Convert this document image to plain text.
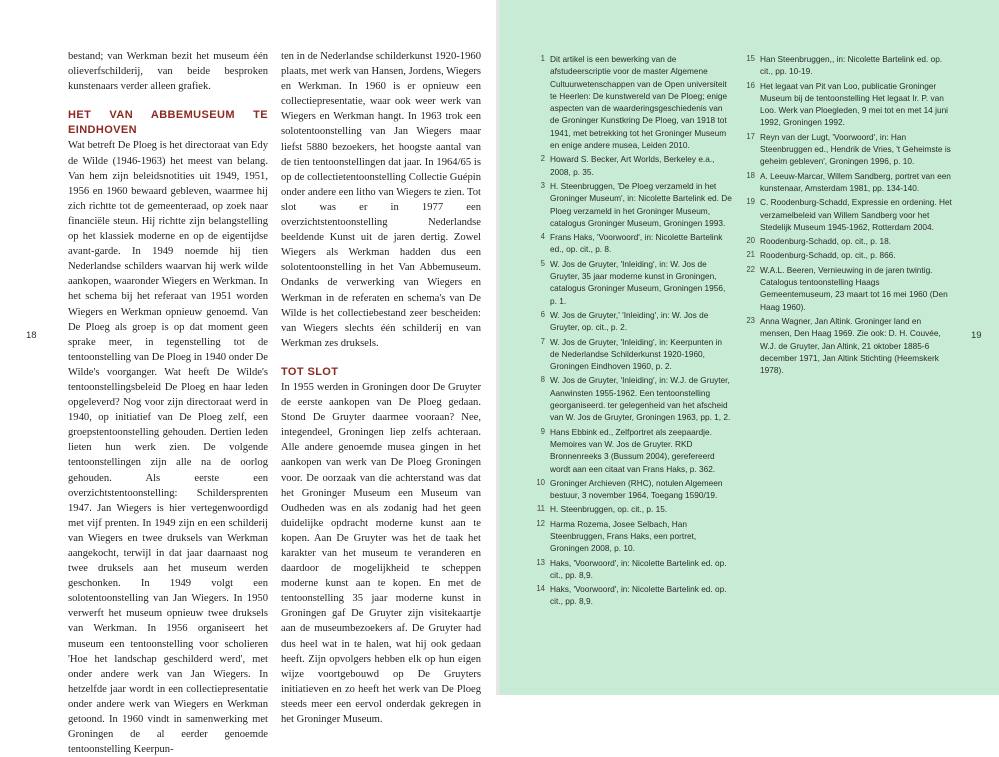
bestand; van Werkman bezit het museum één olieverfschilderij, van beide besproken kunstenaars verder alleen grafiek.

HET VAN ABBEMUSEUM TE EINDHOVEN

Wat betreft De Ploeg is het directoraat van Edy de Wilde (1946-1963) het meest van belang. Van hem zijn beleidsnotities uit 1949, 1951, 1956 en 1960 bewaard gebleven, waarmee hij zich richtte tot de gemeenteraad, op zoek naar financiële steun. Hij richtte zijn belangstelling op het klassiek moderne en op de eigentijdse avant-garde. In 1949 noemde hij tien Nederlandse schilders waarvan hij werk wilde aankopen, waaronder Wiegers en Werkman. In het schema bij het referaat van 1951 worden Wiegers en Werkman opnieuw genoemd. Van De Ploeg als groep is op dat moment geen sprake meer, in tegenstelling tot de tentoonstelling van De Ploeg in 1940 onder De Wilde's voorganger. Wat heeft De Wilde's tentoonstellingsbeleid De Ploeg en haar leden opgeleverd? Nog voor zijn directoraat werd in 1940, op initiatief van De Ploeg zelf, een groepstentoonstelling gehouden. Dertien leden lieten hun werk zien. De volgende tentoonstellingen zijn alle na de oorlog gehouden. Als eerste een overzichtstentoonstelling: Schildersprenten 1947. Jan Wiegers is hier vertegenwoordigd met vijf prenten. In 1949 zijn en een schilderij van Wiegers en twee druksels van Werkman aangekocht, terwijl in dat jaar daarnaast nog twee druksels aan het museum werden geschonken. In 1949 volgt een solotentoonstelling van Jan Wiegers. In 1950 verwerft het museum opnieuw twee druksels van Werkman. In 1956 organiseert het museum een tentoonstelling voor scholieren 'Hoe het landschap geschilderd werd', met onder andere werk van Jan Wiegers. In hetzelfde jaar wordt in een collectiepresentatie onder andere werk van Wiegers en Werkman getoond. In 1960 vindt in samenwerking met Groningen de al eerder genoemde tentoonstelling Keerpun-

ten in de Nederlandse schilderkunst 1920-1960 plaats, met werk van Hansen, Jordens, Wiegers en Werkman. In 1960 is er opnieuw een collectiepresentatie, waar ook weer werk van Wiegers en Werkman hangt. In 1963 trok een solotentoonstelling van Jan Wiegers maar liefst 5880 bezoekers, het hoogste aantal van de tien tentoonstellingen dat jaar. In 1964/65 is op de collectietentoonstelling Collectie Guépin onder andere een litho van Wiegers te zien. Tot slot was er in 1977 een overzichtstentoonstelling Nederlandse beeldende Kunst uit de jaren dertig. Zowel Wiegers als Werkman hadden dus een solotentoonstelling in het Van Abbemuseum. Ondanks de verwerking van Wiegers en Werkman in de referaten en schema's van De Wilde is het collectiebestand zeer bescheiden: van Wiegers slechts één schilderij en van Werkman zes druksels.

TOT SLOT

In 1955 werden in Groningen door De Gruyter de eerste aankopen van De Ploeg gedaan. Stond De Gruyter daarmee vooraan? Nee, integendeel, Groningen liep zelfs achteraan. Alle andere genoemde musea gingen in het aankopen van werk van De Ploeg Groningen voor. De oorzaak van die achterstand was dat het Groninger Museum een Museum van Oudheden was en als zodanig had het geen duidelijke opdracht moderne kunst aan te kopen. Aan De Gruyter was het de taak het karakter van het museum te veranderen en daardoor de mogelijkheid te scheppen moderne kunst aan te kopen. En met de tentoonstelling 35 jaar moderne kunst in Groningen gaf De Gruyter zijn visitekaartje aan de museumbezoekers af. De Gruyter had dus heel wat in te halen, wat hij ook gedaan heeft. Zijn opvolgers hebben elk op hun eigen wijze voortgebouwd op De Gruyters initiatieven en zo heeft het werk van De Ploeg steeds meer een eervol onderdak gekregen in het Groninger Museum.

18
1 Dit artikel is een bewerking van de afstudeerscriptie voor de master Algemene Cultuurwetenschappen van de Open universiteit te Heerlen: De kunstwereld van De Ploeg; enige aspecten van de waarderingsgeschiedenis van de Groninger Kunstkring De Ploeg, van 1918 tot 1941, met betrekking tot het Groninger Museum en enige andere musea, Leiden 2010.
2 Howard S. Becker, Art Worlds, Berkeley e.a., 2008, p. 35.
3 H. Steenbruggen, 'De Ploeg verzameld in het Groninger Museum', in: Nicolette Bartelink ed. De Ploeg verzameld in het Groninger Museum, catalogus Groninger Museum, Groningen 1993.
4 Frans Haks, 'Voorwoord', in: Nicolette Bartelink ed., op. cit., p. 8.
5 W. Jos de Gruyter, 'Inleiding', in: W. Jos de Gruyter, 35 jaar moderne kunst in Groningen, catalogus Groninger Museum, Groningen 1956, p. 1.
6 W. Jos de Gruyter,' 'Inleiding', in: W. Jos de Gruyter, op. cit., p. 2.
7 W. Jos de Gruyter, 'Inleiding', in: Keerpunten in de Nederlandse Schilderkunst 1920-1960, Groningen Eindhoven 1960, p. 2.
8 W. Jos de Gruyter, 'Inleiding', in: W.J. de Gruyter, Aanwinsten 1955-1962. Een tentoonstelling georganiseerd. ter gelegenheid van het afscheid van W. Jos de Gruyter, Groningen 1963, pp. 1, 2.
9 Hans Ebbink ed., Zelfportret als zeepaardje. Memoires van W. Jos de Gruyter. RKD Bronnenreeks 3 (Bussum 2004), gerefereerd wordt aan een citaat van Frans Haks, p. 362.
10 Groninger Archieven (RHC), notulen Algemeen bestuur, 3 november 1964, Toegang 1590/19.
11 H. Steenbruggen, op. cit., p. 15.
12 Harma Rozema, Josee Selbach, Han Steenbruggen, Frans Haks, een portret, Groningen 2008, p. 10.
13 Haks, 'Voorwoord', in: Nicolette Bartelink ed. op. cit., pp. 8,9.
14 Haks, 'Voorwoord', in: Nicolette Bartelink ed. op. cit., pp. 8,9.
15 Han Steenbruggen,, in: Nicolette Bartelink ed. op. cit., pp. 10-19.
16 Het legaat van Pit van Loo, publicatie Groninger Museum bij de tentoonstelling Het legaat Ir. P. van Loo. Werk van Ploegleden, 9 mei tot en met 14 juni 1992, Groningen 1992.
17 Reyn van der Lugt, 'Voorwoord', in: Han Steenbruggen ed., Hendrik de Vries, 't Geheimste is geheim gebleven', Groningen 1996, p. 10.
18 A. Leeuw-Marcar, Willem Sandberg, portret van een kunstenaar, Amsterdam 1981, pp. 134-140.
19 C. Roodenburg-Schadd, Expressie en ordening. Het verzamelbeleid van Willem Sandberg voor het Stedelijk Museum 1945-1962, Rotterdam 2004.
20 Roodenburg-Schadd, op. cit., p. 18.
21 Roodenburg-Schadd, op. cit., p. 866.
22 W.A.L. Beeren, Vernieuwing in de jaren twintig. Catalogus tentoonstelling Haags Gemeentemuseum, 23 maart tot 16 mei 1960 (Den Haag 1960).
23 Anna Wagner, Jan Altink. Groninger land en mensen, Den Haag 1969. Zie ook: D. H. Couvée, W.J. de Gruyter, Jan Altink, 21 oktober 1885-6 december 1971, Jan Altink Stichting (Heemskerk 1978).
19
